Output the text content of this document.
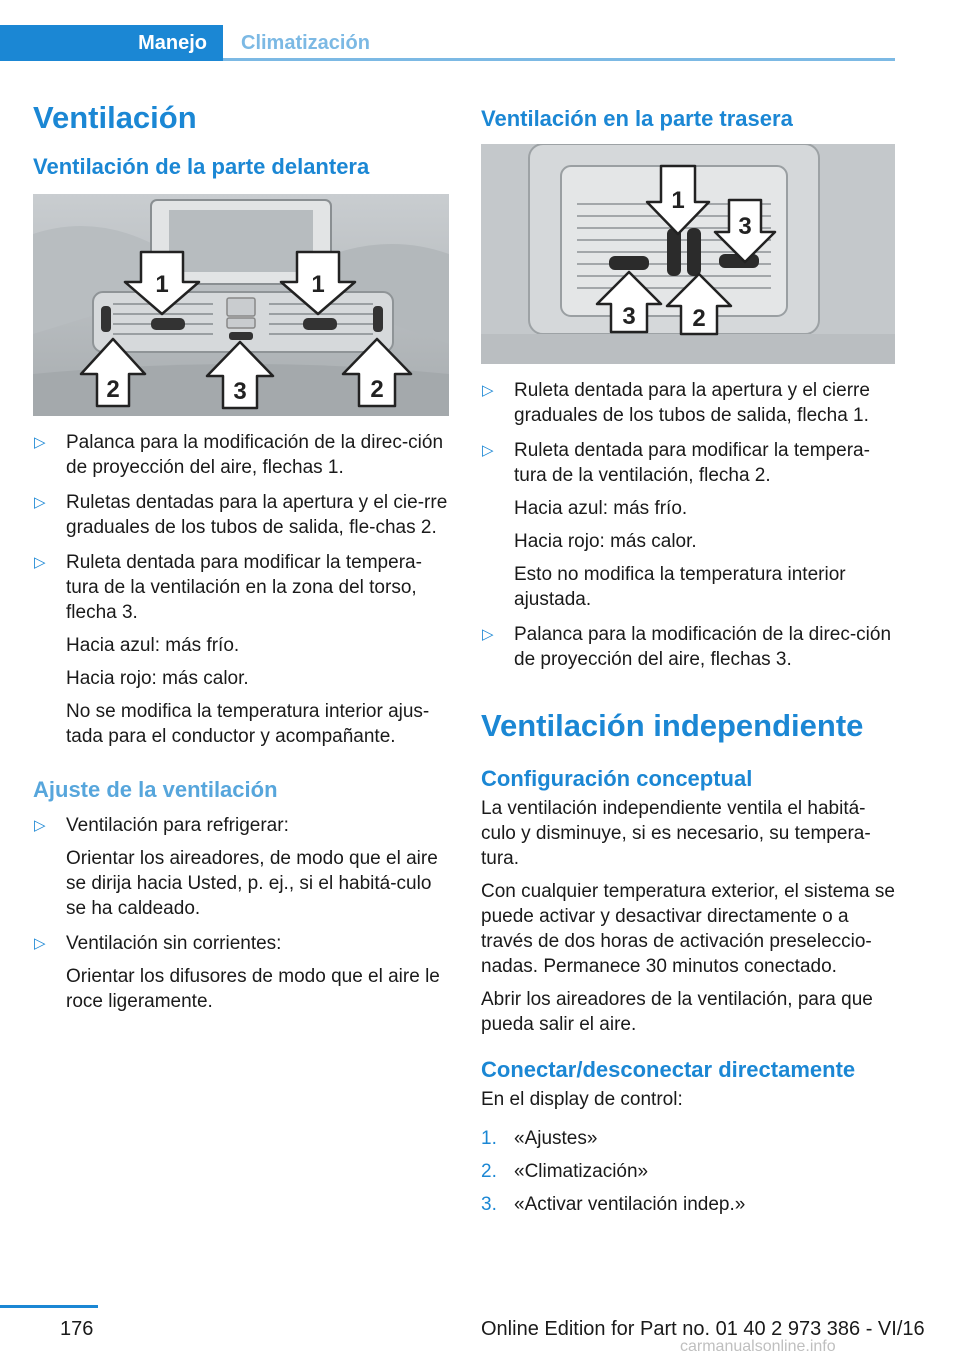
Manejo Climatización
Ventilación
Ventilación de la parte delantera
1	1
2	3	2
▷ Palanca para la modificación de la direc‐ción de proyección del aire, flechas 1.
▷ Ruletas dentadas para la apertura y el cie‐rre graduales de los tubos de salida, fle‐chas 2.
▷ Ruleta dentada para modificar la tempera‐tura de la ventilación en la zona del torso, flecha 3.
Hacia azul: más frío.
Hacia rojo: más calor.
No se modifica la temperatura interior ajus‐tada para el conductor y acompañante.
Ajuste de la ventilación
▷ Ventilación para refrigerar:
Orientar los aireadores, de modo que el aire se dirija hacia Usted, p. ej., si el habitá‐culo se ha caldeado.
▷ Ventilación sin corrientes:
Orientar los difusores de modo que el aire le roce ligeramente.
Ventilación en la parte trasera
1
3
3 2
▷ Ruleta dentada para la apertura y el cierre graduales de los tubos de salida, flecha 1.
▷ Ruleta dentada para modificar la tempera‐tura de la ventilación, flecha 2.
Hacia azul: más frío.
Hacia rojo: más calor.
Esto no modifica la temperatura interior ajustada.
▷ Palanca para la modificación de la direc‐ción de proyección del aire, flechas 3.
Ventilación independiente
Configuración conceptual

La ventilación independiente ventila el habitá‐culo y disminuye, si es necesario, su tempera‐tura.

Con cualquier temperatura exterior, el sistema se puede activar y desactivar directamente o a través de dos horas de activación preseleccio‐nadas. Permanece 30 minutos conectado.

Abrir los aireadores de la ventilación, para que pueda salir el aire.

Conectar/desconectar directamente

En el display de control:

1. «Ajustes»
2. «Climatización»
3. «Activar ventilación indep.»
176	Online Edition for Part no. 01 40 2 973 386 - VI/16
carmanualsonline.info
